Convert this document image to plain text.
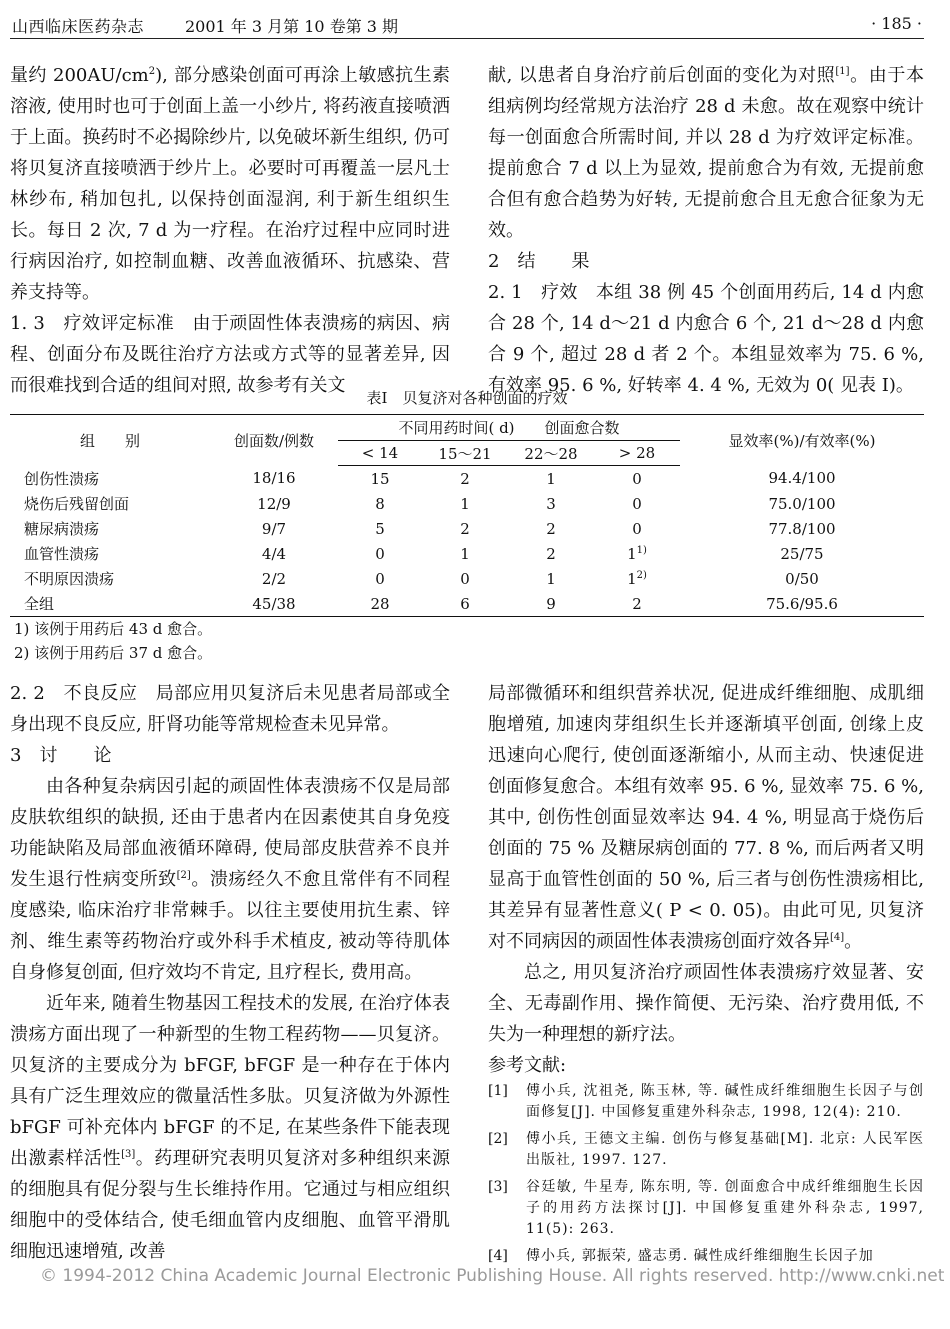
山西临床医药杂志	2001 年 3 月第 10 卷第 3 期	· 185 ·

量约 $200AU/cm^2$), 部分感染创面可再涂上敏感抗生素溶液, 使用时也可于创面上盖一小纱片, 将药液直接喷洒于上面。换药时不必揭除纱片, 以免破坏新生组织, 仍可将贝复济直接喷洒于纱片上。必要时可再覆盖一层凡士林纱布, 稍加包扎, 以保持创面湿润, 利于新生组织生长。每日 2 次, 7 d 为一疗程。在治疗过程中应同时进行病因治疗, 如控制血糖、改善血液循环、抗感染、营养支持等。

1. 3　疗效评定标准　由于顽固性体表溃疡的病因、病程、创面分布及既往治疗方法或方式等的显著差异, 因而很难找到合适的组间对照, 故参考有关文

献, 以患者自身治疗前后创面的变化为对照[1]。由于本组病例均经常规方法治疗 28 d 未愈。故在观察中统计每一创面愈合所需时间, 并以 28 d 为疗效评定标准。提前愈合 7 d 以上为显效, 提前愈合为有效, 无提前愈合但有愈合趋势为好转, 无提前愈合且无愈合征象为无效。

2　结　　果

2. 1　疗效　本组 38 例 45 个创面用药后, 14 d 内愈合 28 个, 14 d～21 d 内愈合 6 个, 21 d～28 d 内愈合 9 个, 超过 28 d 者 2 个。本组显效率为 75. 6 %, 有效率 95. 6 %, 好转率 4. 4 %, 无效为 0( 见表 Ⅰ)。

表Ⅰ　贝复济对各种创面的疗效
组　　别	创面数/例数	不同用药时间( d)　　创面愈合数				显效率(%)/有效率(%)
		< 14	15～21	22～28	> 28	
创伤性溃疡	18/16	15	2	1	0	94.4/100
烧伤后残留创面	12/9	8	1	3	0	75.0/100
糖尿病溃疡	9/7	5	2	2	0	77.8/100
血管性溃疡	4/4	0	1	2	1$^{1)}$	25/75
不明原因溃疡	2/2	0	0	1	1$^{2)}$	0/50
全组	45/38	28	6	9	2	75.6/95.6
1) 该例于用药后 43 d 愈合。
2) 该例于用药后 37 d 愈合。

2. 2　不良反应　局部应用贝复济后未见患者局部或全身出现不良反应, 肝肾功能等常规检查未见异常。

3　讨　　论

由各种复杂病因引起的顽固性体表溃疡不仅是局部皮肤软组织的缺损, 还由于患者内在因素使其自身免疫功能缺陷及局部血液循环障碍, 使局部皮肤营养不良并发生退行性病变所致[2]。溃疡经久不愈且常伴有不同程度感染, 临床治疗非常棘手。以往主要使用抗生素、锌剂、维生素等药物治疗或外科手术植皮, 被动等待肌体自身修复创面, 但疗效均不肯定, 且疗程长, 费用高。

近年来, 随着生物基因工程技术的发展, 在治疗体表溃疡方面出现了一种新型的生物工程药物——贝复济。贝复济的主要成分为 bFGF, bFGF 是一种存在于体内具有广泛生理效应的微量活性多肽。贝复济做为外源性 bFGF 可补充体内 bFGF 的不足, 在某些条件下能表现出激素样活性[3]。药理研究表明贝复济对多种组织来源的细胞具有促分裂与生长维持作用。它通过与相应组织细胞中的受体结合, 使毛细血管内皮细胞、血管平滑肌细胞迅速增殖, 改善

局部微循环和组织营养状况, 促进成纤维细胞、成肌细胞增殖, 加速肉芽组织生长并逐渐填平创面, 创缘上皮迅速向心爬行, 使创面逐渐缩小, 从而主动、快速促进创面修复愈合。本组有效率 95. 6 %, 显效率 75. 6 %, 其中, 创伤性创面显效率达 94. 4 %, 明显高于烧伤后创面的 75 % 及糖尿病创面的 77. 8 %, 而后两者又明显高于血管性创面的 50 %, 后三者与创伤性溃疡相比, 其差异有显著性意义( P < 0. 05)。由此可见, 贝复济对不同病因的顽固性体表溃疡创面疗效各异[4]。

总之, 用贝复济治疗顽固性体表溃疡疗效显著、安全、无毒副作用、操作简便、无污染、治疗费用低, 不失为一种理想的新疗法。

参考文献:

[1]	傅小兵, 沈祖尧, 陈玉林, 等. 碱性成纤维细胞生长因子与创面修复[J]. 中国修复重建外科杂志, 1998, 12(4): 210.
[2]	傅小兵, 王德文主编. 创伤与修复基础[M]. 北京: 人民军医出版社, 1997. 127.
[3]	谷廷敏, 牛星寿, 陈东明, 等. 创面愈合中成纤维细胞生长因子的用药方法探讨[J]. 中国修复重建外科杂志, 1997, 11(5): 263.
[4]	傅小兵, 郭振荣, 盛志勇. 碱性成纤维细胞生长因子加
© 1994-2012 China Academic Journal Electronic Publishing House. All rights reserved. http://www.cnki.net
